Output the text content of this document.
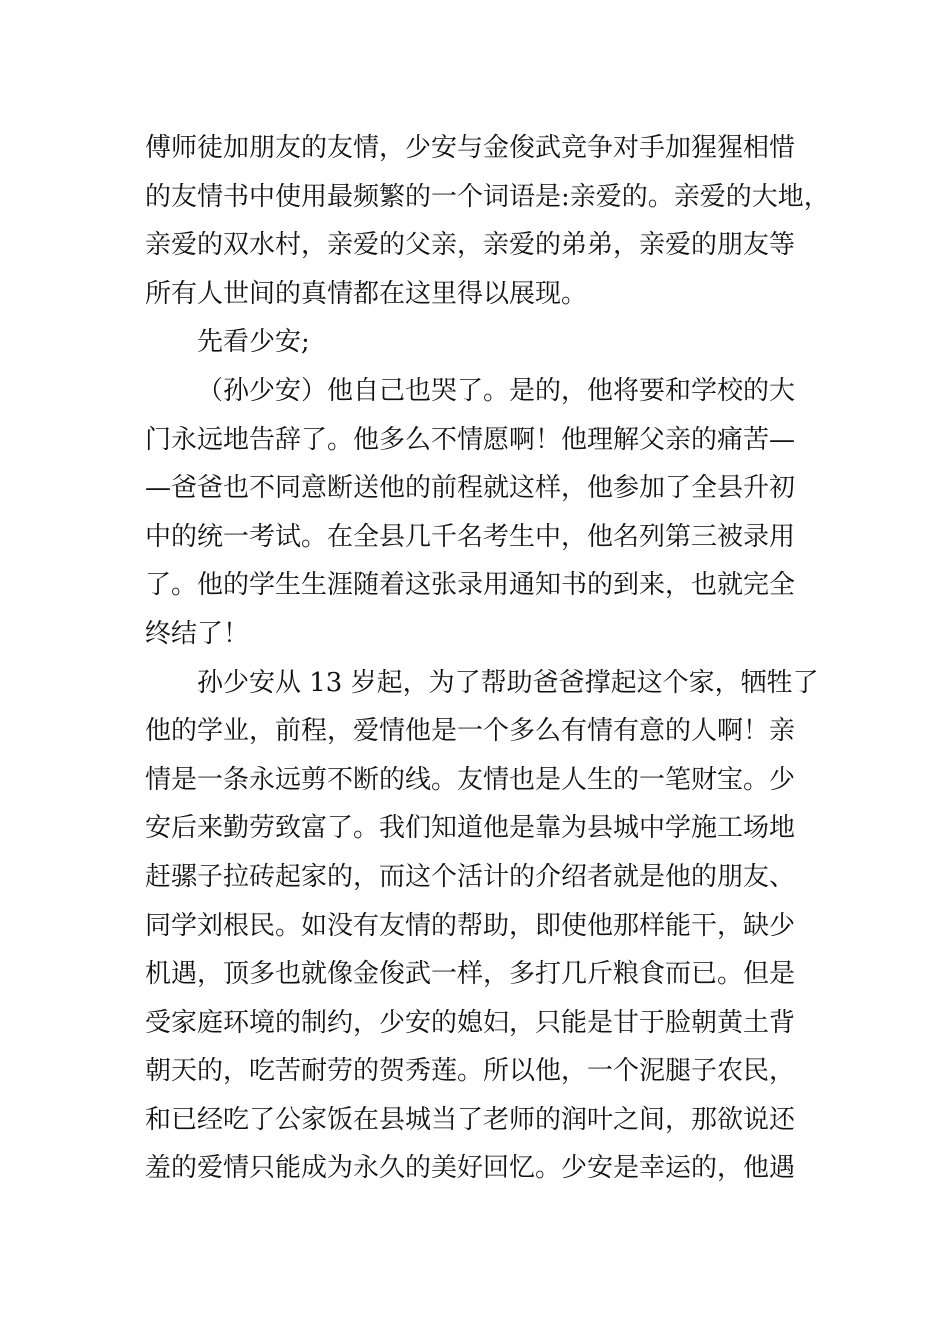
傅师徒加朋友的友情，少安与金俊武竞争对手加猩猩相惜
的友情书中使用最频繁的一个词语是:亲爱的。亲爱的大地，
亲爱的双水村，亲爱的父亲，亲爱的弟弟，亲爱的朋友等
所有人世间的真情都在这里得以展现。
先看少安;
（孙少安）他自己也哭了。是的，他将要和学校的大
门永远地告辞了。他多么不情愿啊！他理解父亲的痛苦—
—爸爸也不同意断送他的前程就这样，他参加了全县升初
中的统一考试。在全县几千名考生中，他名列第三被录用
了。他的学生生涯随着这张录用通知书的到来，也就完全
终结了！
孙少安从 13 岁起，为了帮助爸爸撑起这个家，牺牲了
他的学业，前程，爱情他是一个多么有情有意的人啊！亲
情是一条永远剪不断的线。友情也是人生的一笔财宝。少
安后来勤劳致富了。我们知道他是靠为县城中学施工场地
赶骡子拉砖起家的，而这个活计的介绍者就是他的朋友、
同学刘根民。如没有友情的帮助，即使他那样能干，缺少
机遇，顶多也就像金俊武一样，多打几斤粮食而已。但是
受家庭环境的制约，少安的媳妇，只能是甘于脸朝黄土背
朝天的，吃苦耐劳的贺秀莲。所以他，一个泥腿子农民，
和已经吃了公家饭在县城当了老师的润叶之间，那欲说还
羞的爱情只能成为永久的美好回忆。少安是幸运的，他遇
